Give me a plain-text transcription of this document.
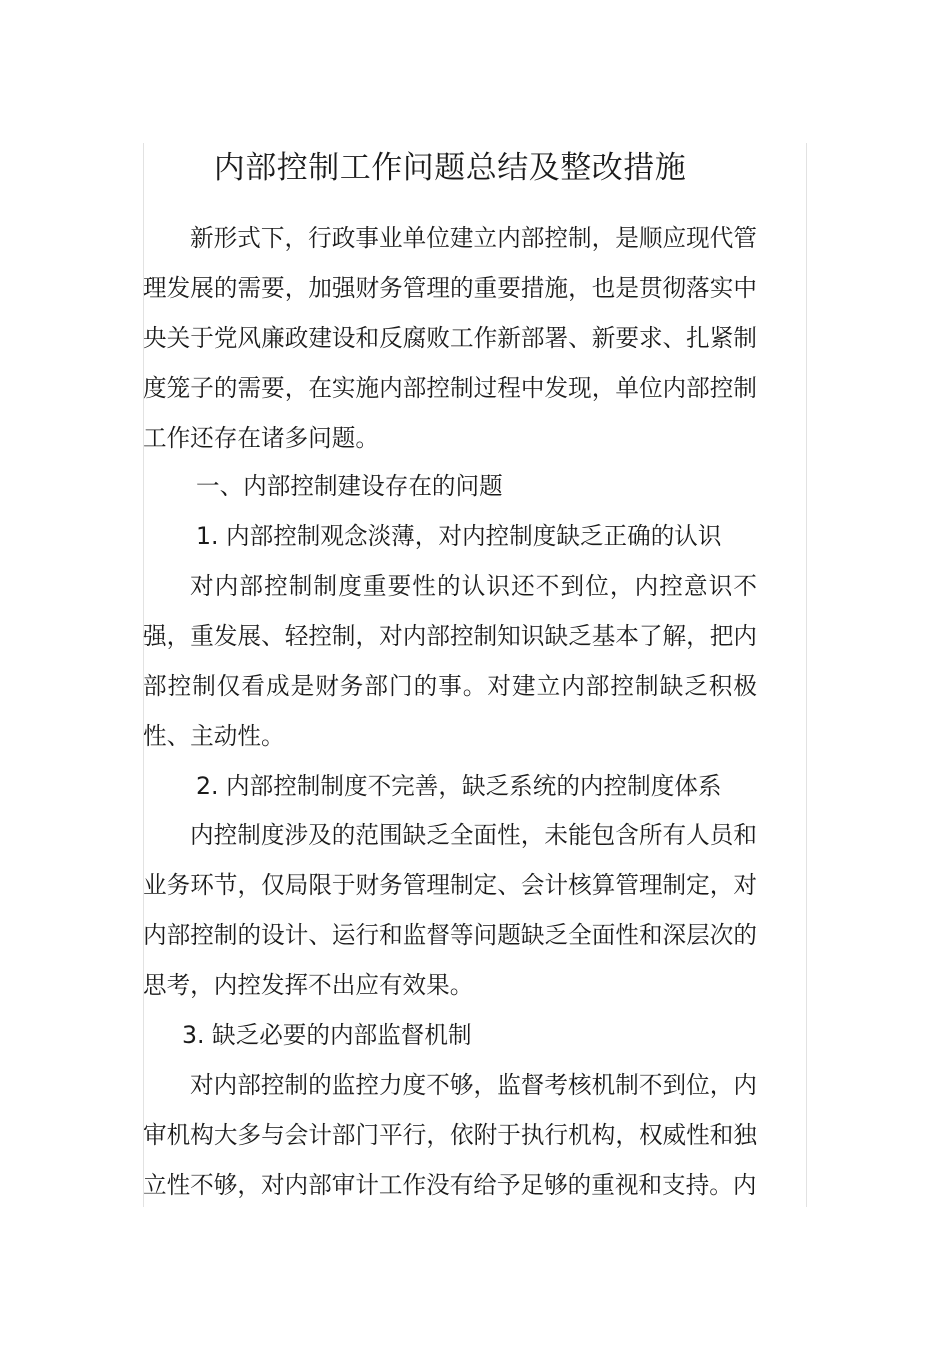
内部控制工作问题总结及整改措施

新形式下，行政事业单位建立内部控制，是顺应现代管理发展的需要，加强财务管理的重要措施，也是贯彻落实中央关于党风廉政建设和反腐败工作新部署、新要求、扎紧制度笼子的需要，在实施内部控制过程中发现，单位内部控制工作还存在诸多问题。

一、内部控制建设存在的问题
1. 内部控制观念淡薄，对内控制度缺乏正确的认识

对内部控制制度重要性的认识还不到位，内控意识不强，重发展、轻控制，对内部控制知识缺乏基本了解，把内部控制仅看成是财务部门的事。对建立内部控制缺乏积极性、主动性。

2. 内部控制制度不完善，缺乏系统的内控制度体系

内控制度涉及的范围缺乏全面性，未能包含所有人员和业务环节，仅局限于财务管理制定、会计核算管理制定，对内部控制的设计、运行和监督等问题缺乏全面性和深层次的思考，内控发挥不出应有效果。

3. 缺乏必要的内部监督机制

对内部控制的监控力度不够，监督考核机制不到位，内审机构大多与会计部门平行，依附于执行机构，权威性和独立性不够，对内部审计工作没有给予足够的重视和支持。内
